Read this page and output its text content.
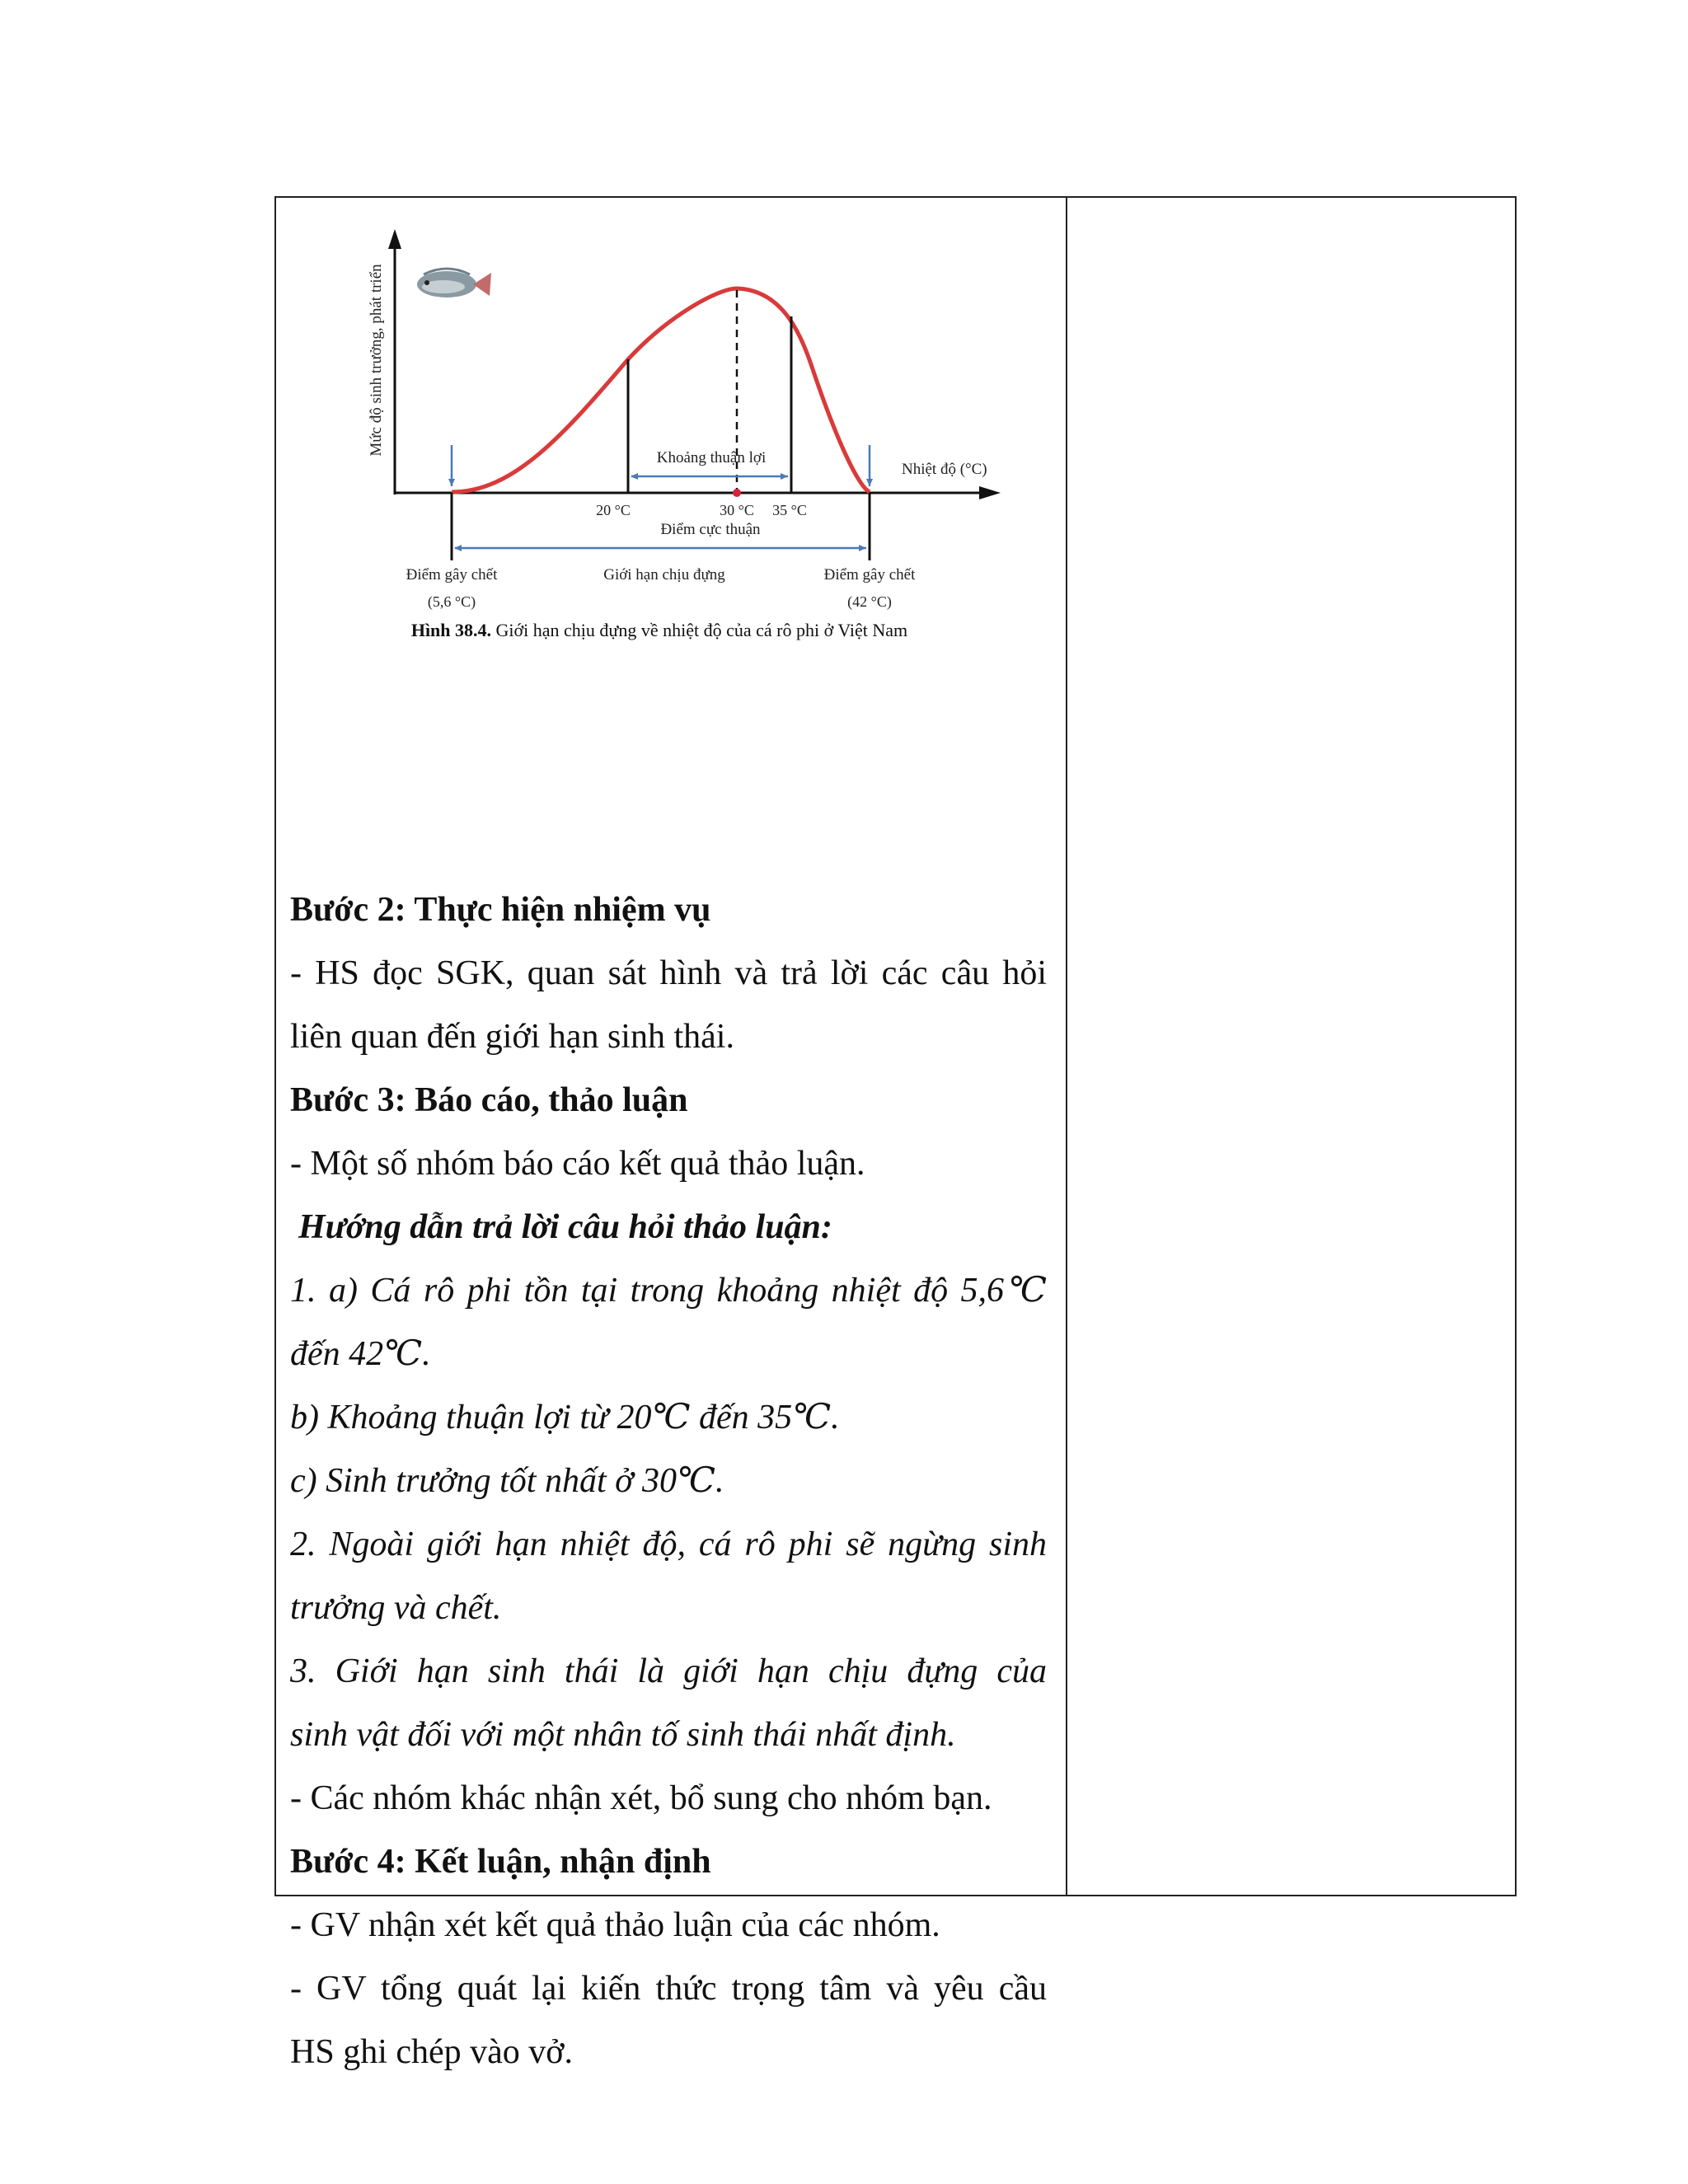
Mức độ sinh trưởng, phát triển
Khoảng thuận lợi
Nhiệt độ (°C)
20 °C	30 °C 35 °C
Điểm cực thuận
Điểm gây chết
(5,6 °C)
Giới hạn chịu đựng	Điểm gây chết
(42 °C)
Hình 38.4. Giới hạn chịu đựng về nhiệt độ của cá rô phi ở Việt Nam
Bước 2: Thực hiện nhiệm vụ
- HS đọc SGK, quan sát hình và trả lời các câu hỏi
liên quan đến giới hạn sinh thái.
Bước 3: Báo cáo, thảo luận
- Một số nhóm báo cáo kết quả thảo luận.
Hướng dẫn trả lời câu hỏi thảo luận:
1. a) Cá rô phi tồn tại trong khoảng nhiệt độ 5,6℃
đến 42℃.
b) Khoảng thuận lợi từ 20℃ đến 35℃.
c) Sinh trưởng tốt nhất ở 30℃.
2. Ngoài giới hạn nhiệt độ, cá rô phi sẽ ngừng sinh
trưởng và chết.
3. Giới hạn sinh thái là giới hạn chịu đựng của
sinh vật đối với một nhân tố sinh thái nhất định.
- Các nhóm khác nhận xét, bổ sung cho nhóm bạn.
Bước 4: Kết luận, nhận định
- GV nhận xét kết quả thảo luận của các nhóm.
- GV tổng quát lại kiến thức trọng tâm và yêu cầu
HS ghi chép vào vở.
